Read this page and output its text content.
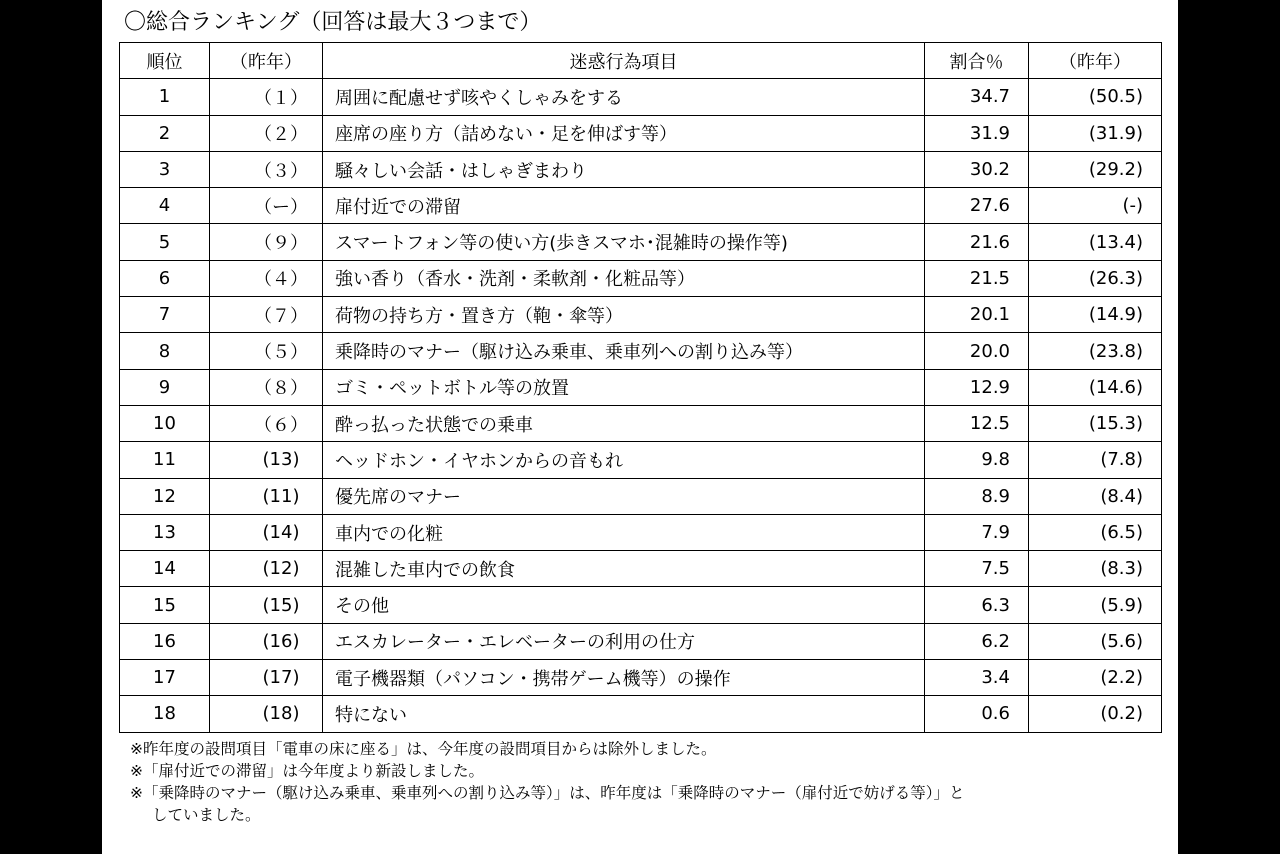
〇総合ランキング（回答は最大３つまで）
順位	（昨年）	迷惑行為項目	割合％	（昨年）
1	（１）	周囲に配慮せず咳やくしゃみをする	34.7	(50.5)
2	（２）	座席の座り方（詰めない・足を伸ばす等）	31.9	(31.9)
3	（３）	騒々しい会話・はしゃぎまわり	30.2	(29.2)
4	（ー）	扉付近での滞留	27.6	(-)
5	（９）	スマートフォン等の使い方(歩きスマホ･混雑時の操作等)	21.6	(13.4)
6	（４）	強い香り（香水・洗剤・柔軟剤・化粧品等）	21.5	(26.3)
7	（７）	荷物の持ち方・置き方（鞄・傘等）	20.1	(14.9)
8	（５）	乗降時のマナー（駆け込み乗車、乗車列への割り込み等）	20.0	(23.8)
9	（８）	ゴミ・ペットボトル等の放置	12.9	(14.6)
10	（６）	酔っ払った状態での乗車	12.5	(15.3)
11	(13)	ヘッドホン・イヤホンからの音もれ	9.8	(7.8)
12	(11)	優先席のマナー	8.9	(8.4)
13	(14)	車内での化粧	7.9	(6.5)
14	(12)	混雑した車内での飲食	7.5	(8.3)
15	(15)	その他	6.3	(5.9)
16	(16)	エスカレーター・エレベーターの利用の仕方	6.2	(5.6)
17	(17)	電子機器類（パソコン・携帯ゲーム機等）の操作	3.4	(2.2)
18	(18)	特にない	0.6	(0.2)
※昨年度の設問項目「電車の床に座る」は、今年度の設問項目からは除外しました。
※「扉付近での滞留」は今年度より新設しました。
※「乗降時のマナー（駆け込み乗車、乗車列への割り込み等）」は、昨年度は「乗降時のマナー（扉付近で妨げる等）」と
していました。
